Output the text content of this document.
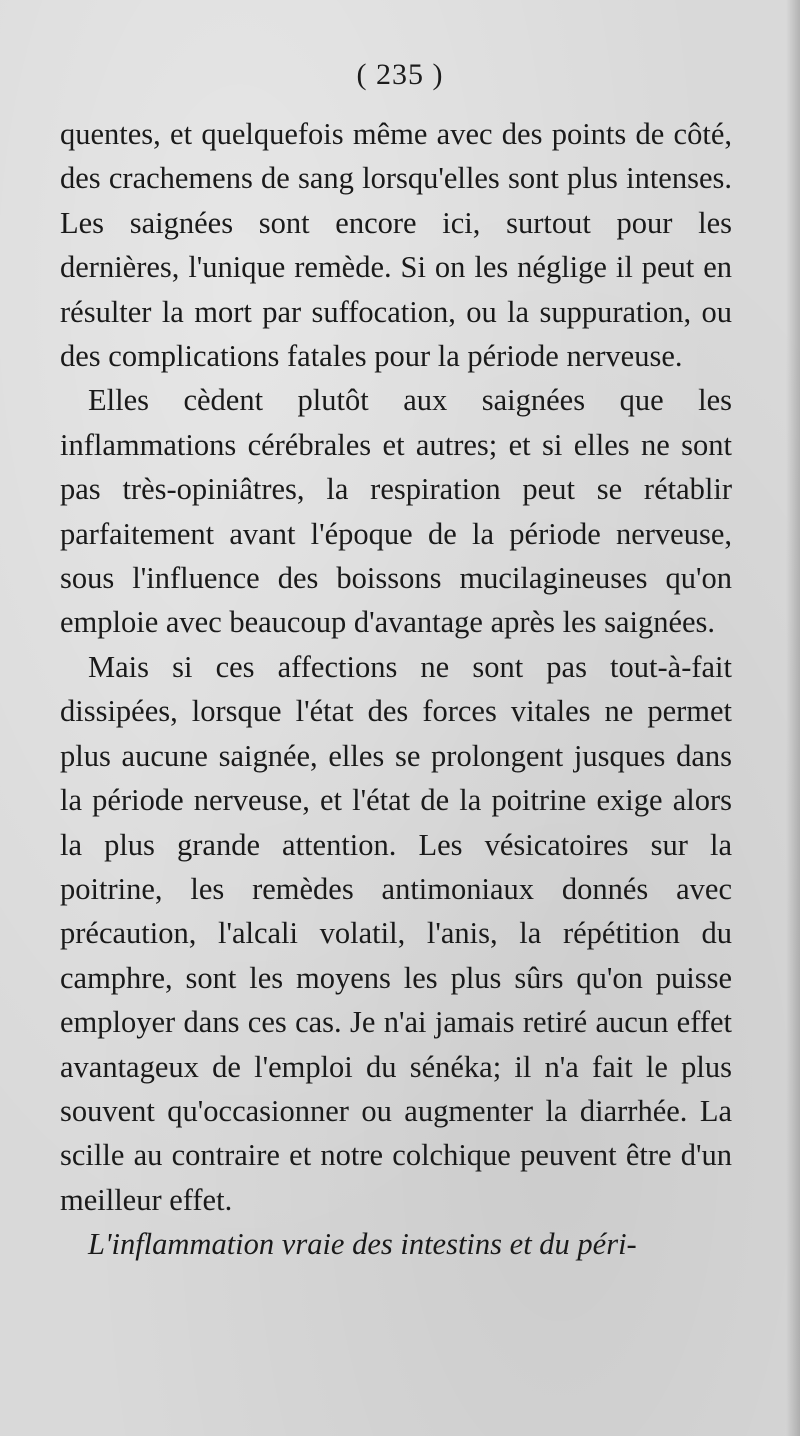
( 235 )

quentes, et quelquefois même avec des points de côté, des crachemens de sang lorsqu'elles sont plus intenses. Les saignées sont encore ici, surtout pour les dernières, l'unique remède. Si on les néglige il peut en résulter la mort par suffocation, ou la suppuration, ou des complications fatales pour la période nerveuse.

Elles cèdent plutôt aux saignées que les inflammations cérébrales et autres; et si elles ne sont pas très-opiniâtres, la respiration peut se rétablir parfaitement avant l'époque de la période nerveuse, sous l'influence des boissons mucilagineuses qu'on emploie avec beaucoup d'avantage après les saignées.

Mais si ces affections ne sont pas tout-à-fait dissipées, lorsque l'état des forces vitales ne permet plus aucune saignée, elles se prolongent jusques dans la période nerveuse, et l'état de la poitrine exige alors la plus grande attention. Les vésicatoires sur la poitrine, les remèdes antimoniaux donnés avec précaution, l'alcali volatil, l'anis, la répétition du camphre, sont les moyens les plus sûrs qu'on puisse employer dans ces cas. Je n'ai jamais retiré aucun effet avantageux de l'emploi du sénéka; il n'a fait le plus souvent qu'occasionner ou augmenter la diarrhée. La scille au contraire et notre colchique peuvent être d'un meilleur effet.

L'inflammation vraie des intestins et du péri-
